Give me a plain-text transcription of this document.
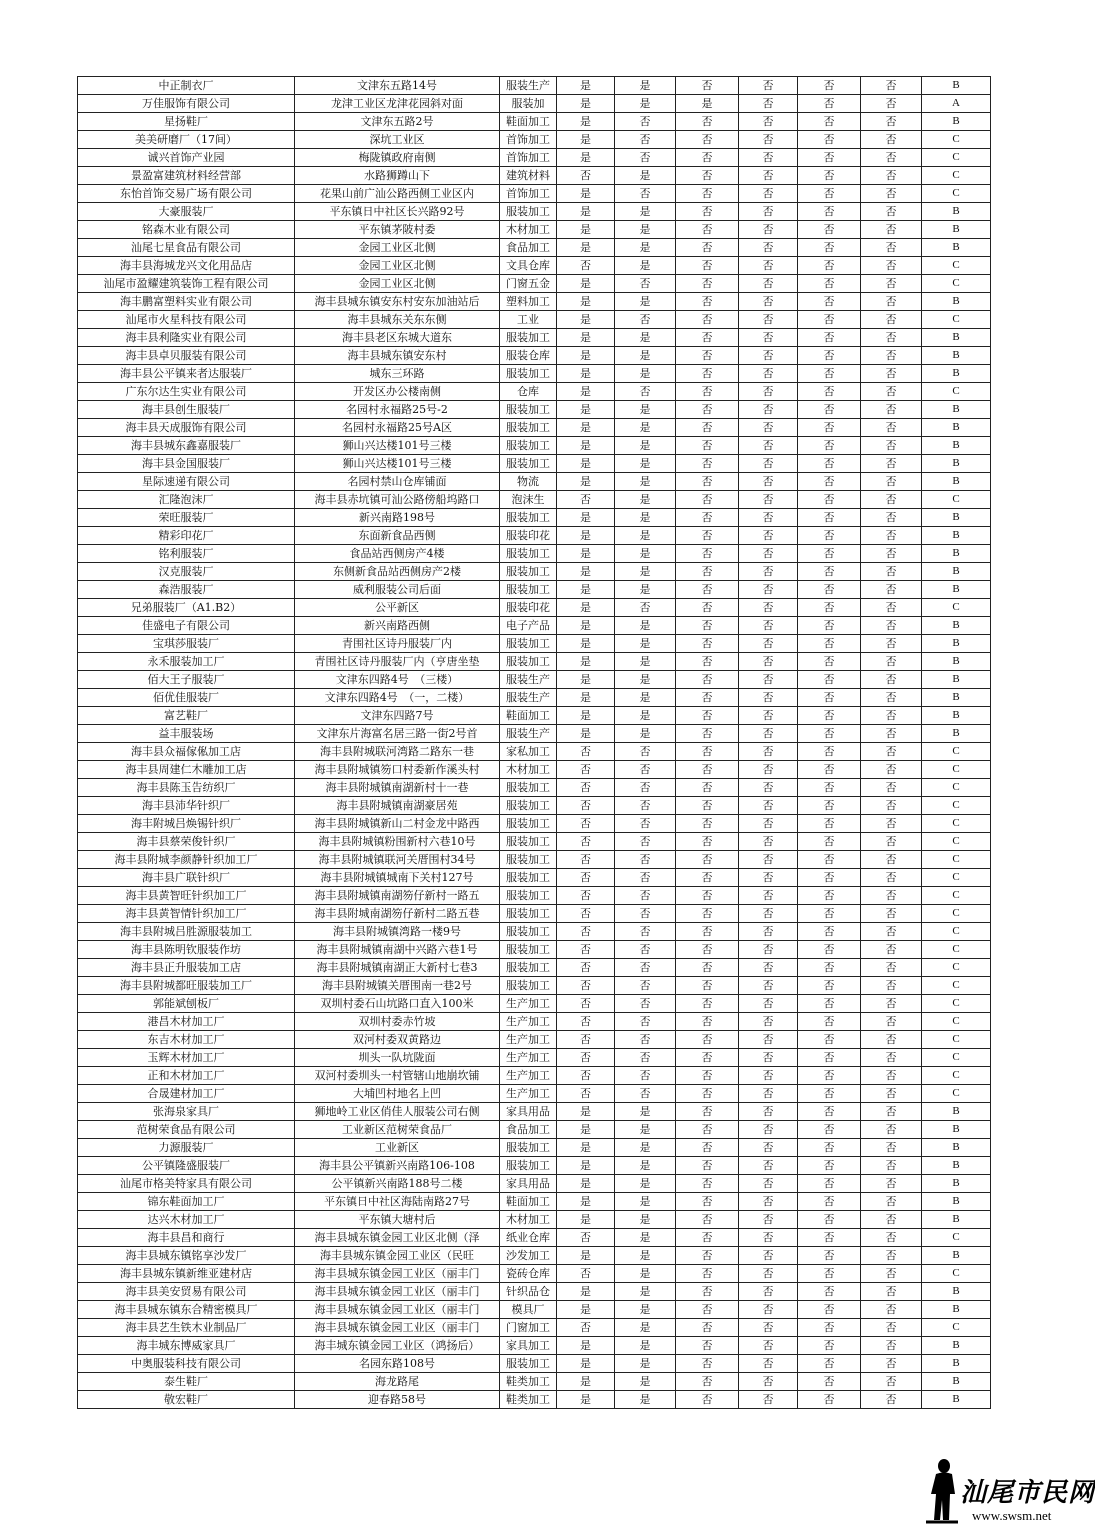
中正制衣厂	文津东五路14号	服装生产	是	是	否	否	否	否	B
万佳服饰有限公司	龙津工业区龙津花园斜对面	服装加	是	是	是	否	否	否	A
星扬鞋厂	文津东五路2号	鞋面加工	是	否	否	否	否	否	B
美美研磨厂（17间）	深坑工业区	首饰加工	是	否	否	否	否	否	C
诚兴首饰产业园	梅陇镇政府南侧	首饰加工	是	否	否	否	否	否	C
景盈富建筑材料经营部	水路狮蹲山下	建筑材料	否	是	否	否	否	否	C
东怡首饰交易广场有限公司	花果山前广汕公路西侧工业区内	首饰加工	是	否	否	否	否	否	C
大豪服装厂	平东镇日中社区长兴路92号	服装加工	是	是	否	否	否	否	B
铭森木业有限公司	平东镇茅陂村委	木材加工	是	是	否	否	否	否	B
汕尾七星食品有限公司	金园工业区北侧	食品加工	是	是	否	否	否	否	B
海丰县海城龙兴文化用品店	金园工业区北侧	文具仓库	否	是	否	否	否	否	C
汕尾市盈耀建筑装饰工程有限公司	金园工业区北侧	门窗五金	是	否	否	否	否	否	C
海丰鹏富塑料实业有限公司	海丰县城东镇安东村安东加油站后	塑料加工	是	是	否	否	否	否	B
汕尾市火星科技有限公司	海丰县城东关东东侧	工业	是	否	否	否	否	否	C
海丰县利隆实业有限公司	海丰县老区东城大道东	服装加工	是	是	否	否	否	否	B
海丰县卓贝服装有限公司	海丰县城东镇安东村	服装仓库	是	是	否	否	否	否	B
海丰县公平镇来者达服装厂	城东三环路	服装加工	是	是	否	否	否	否	B
广东尔达生实业有限公司	开发区办公楼南侧	仓库	是	否	否	否	否	否	C
海丰县创生服装厂	名园村永福路25号-2	服装加工	是	是	否	否	否	否	B
海丰县天成服饰有限公司	名园村永福路25号A区	服装加工	是	是	否	否	否	否	B
海丰县城东鑫嘉服装厂	狮山兴达楼101号三楼	服装加工	是	是	否	否	否	否	B
海丰县金国服装厂	狮山兴达楼101号三楼	服装加工	是	是	否	否	否	否	B
星际速递有限公司	名园村禁山仓库铺面	物流	是	是	否	否	否	否	B
汇隆泡沫厂	海丰县赤坑镇可汕公路傍船坞路口	泡沫生	否	是	否	否	否	否	C
荣旺服装厂	新兴南路198号	服装加工	是	是	否	否	否	否	B
精彩印花厂	东面新食品西侧	服装印花	是	是	否	否	否	否	B
铭利服装厂	食品站西侧房产4楼	服装加工	是	是	否	否	否	否	B
汉克服装厂	东侧新食品站西侧房产2楼	服装加工	是	是	否	否	否	否	B
森浩服装厂	威利服装公司后面	服装加工	是	是	否	否	否	否	B
兄弟服装厂（A1.B2）	公平新区	服装印花	是	否	否	否	否	否	C
佳盛电子有限公司	新兴南路西侧	电子产品	是	是	否	否	否	否	B
宝琪莎服装厂	青围社区诗丹服装厂内	服装加工	是	是	否	否	否	否	B
永禾服装加工厂	青围社区诗丹服装厂内（亨唐坐垫	服装加工	是	是	否	否	否	否	B
佰大王子服装厂	文津东四路4号　（三楼）	服装生产	是	是	否	否	否	否	B
佰优佳服装厂	文津东四路4号　（一，二楼）	服装生产	是	是	否	否	否	否	B
富艺鞋厂	文津东四路7号	鞋面加工	是	是	否	否	否	否	B
益丰服装场	文津东片海富名居三路一街2号首	服装生产	是	是	否	否	否	否	B
海丰县众福傢俬加工店	海丰县附城联河湾路二路东一巷	家私加工	否	否	否	否	否	否	C
海丰县周建仁木雕加工店	海丰县附城镇笏口村委新作溪头村	木材加工	否	否	否	否	否	否	C
海丰县陈玉告纺织厂	海丰县附城镇南湖新村十一巷	服装加工	否	否	否	否	否	否	C
海丰县沛华针织厂	海丰县附城镇南湖豪居苑	服装加工	否	否	否	否	否	否	C
海丰附城吕焕锡针织厂	海丰县附城镇新山二村金龙中路西	服装加工	否	否	否	否	否	否	C
海丰县蔡荣俊针织厂	海丰县附城镇粉围新村六巷10号	服装加工	否	否	否	否	否	否	C
海丰县附城李颜静针织加工厂	海丰县附城镇联河关厝围村34号	服装加工	否	否	否	否	否	否	C
海丰县广联针织厂	海丰县附城镇城南下关村127号	服装加工	否	否	否	否	否	否	C
海丰县黄智旺针织加工厂	海丰县附城镇南湖笏仔新村一路五	服装加工	否	否	否	否	否	否	C
海丰县黄智情针织加工厂	海丰县附城南湖笏仔新村二路五巷	服装加工	否	否	否	否	否	否	C
海丰县附城吕胜源服装加工	海丰县附城镇湾路一楼9号	服装加工	否	否	否	否	否	否	C
海丰县陈明钦服装作坊	海丰县附城镇南湖中兴路六巷1号	服装加工	否	否	否	否	否	否	C
海丰县正升服装加工店	海丰县附城镇南湖正大新村七巷3	服装加工	否	否	否	否	否	否	C
海丰县附城都旺服装加工厂	海丰县附城镇关厝围南一巷2号	服装加工	否	否	否	否	否	否	C
郭能斌刨板厂	双圳村委石山坑路口直入100米	生产加工	否	否	否	否	否	否	C
港昌木材加工厂	双圳村委赤竹坡	生产加工	否	否	否	否	否	否	C
东吉木材加工厂	双河村委双黄路边	生产加工	否	否	否	否	否	否	C
玉辉木材加工厂	圳头一队坑陇面	生产加工	否	否	否	否	否	否	C
正和木材加工厂	双河村委圳头一村管辖山地崩坎铺	生产加工	否	否	否	否	否	否	C
合晟建材加工厂	大埔凹村地名上凹	生产加工	否	否	否	否	否	否	C
张海泉家具厂	狮地岭工业区俏佳人服装公司右侧	家具用品	是	是	否	否	否	否	B
范树荣食品有限公司	工业新区范树荣食品厂	食品加工	是	是	否	否	否	否	B
力源服装厂	工业新区	服装加工	是	是	否	否	否	否	B
公平镇隆盛服装厂	海丰县公平镇新兴南路106-108	服装加工	是	是	否	否	否	否	B
汕尾市格美特家具有限公司	公平镇新兴南路188号二楼	家具用品	是	是	否	否	否	否	B
锦东鞋面加工厂	平东镇日中社区海陆南路27号	鞋面加工	是	是	否	否	否	否	B
达兴木材加工厂	平东镇大塘村后	木材加工	是	是	否	否	否	否	B
海丰县昌和商行	海丰县城东镇金园工业区北侧（泽	纸业仓库	否	是	否	否	否	否	C
海丰县城东镇铭享沙发厂	海丰县城东镇金园工业区（民旺	沙发加工	是	是	否	否	否	否	B
海丰县城东镇新维亚建材店	海丰县城东镇金园工业区（丽丰门	瓷砖仓库	否	是	否	否	否	否	C
海丰县美安贸易有限公司	海丰县城东镇金园工业区（丽丰门	针织品仓	是	是	否	否	否	否	B
海丰县城东镇东合精密模具厂	海丰县城东镇金园工业区（丽丰门	模具厂	是	是	否	否	否	否	B
海丰县艺生铁木业制品厂	海丰县城东镇金园工业区（丽丰门	门窗加工	否	是	否	否	否	否	C
海丰城东博威家具厂	海丰城东镇金园工业区（鸿扬后）	家具加工	是	是	否	否	否	否	B
中奥服装科技有限公司	名园东路108号	服装加工	是	是	否	否	否	否	B
泰生鞋厂	海龙路尾	鞋类加工	是	是	否	否	否	否	B
敬宏鞋厂	迎春路58号	鞋类加工	是	是	否	否	否	否	B
汕尾市民网
www.swsm.net
